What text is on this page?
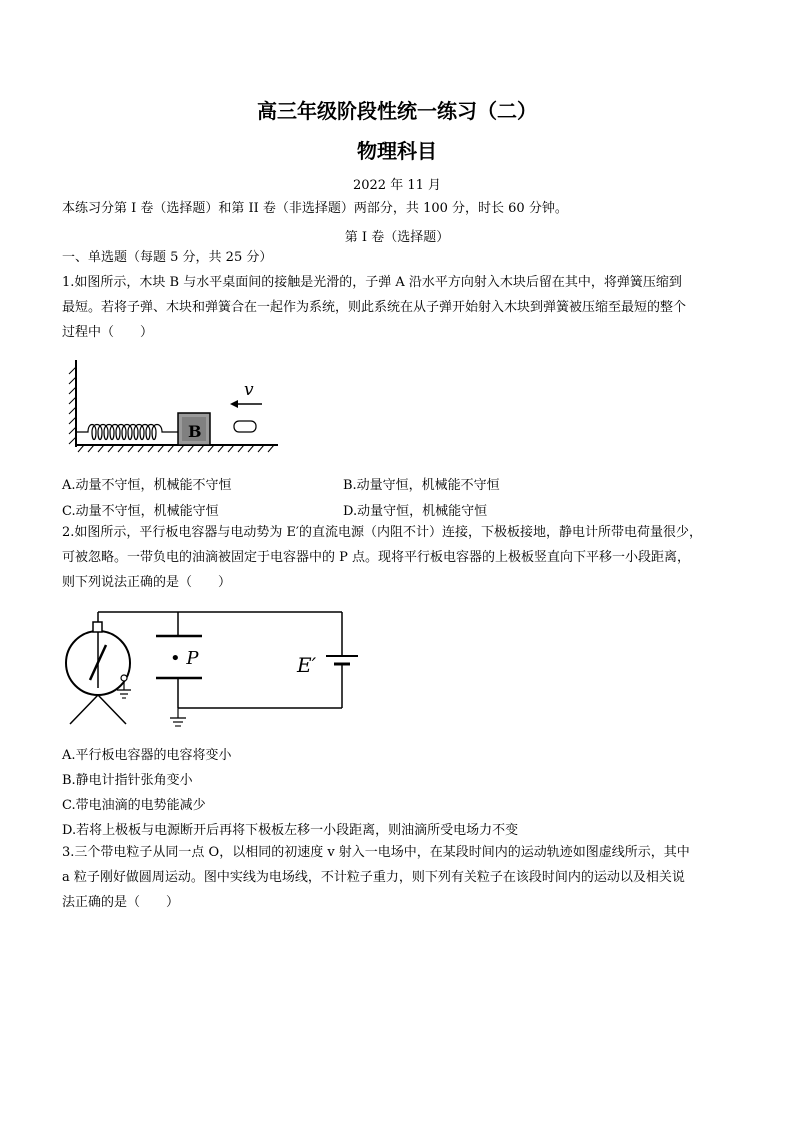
高三年级阶段性统一练习（二）
物理科目
2022 年 11 月
本练习分第 I 卷（选择题）和第 II 卷（非选择题）两部分，共 100 分，时长 60 分钟。
第 I 卷（选择题）
一、单选题（每题 5 分，共 25 分）
1.如图所示，木块 B 与水平桌面间的接触是光滑的，子弹 A 沿水平方向射入木块后留在其中，将弹簧压缩到
最短。若将子弹、木块和弹簧合在一起作为系统，则此系统在从子弹开始射入木块到弹簧被压缩至最短的整个
过程中（　　）
B
v
A.动量不守恒，机械能不守恒	B.动量守恒，机械能不守恒
C.动量不守恒，机械能守恒	D.动量守恒，机械能守恒
2.如图所示，平行板电容器与电动势为 E′的直流电源（内阻不计）连接，下极板接地，静电计所带电荷量很少，
可被忽略。一带负电的油滴被固定于电容器中的 P 点。现将平行板电容器的上极板竖直向下平移一小段距离，
则下列说法正确的是（　　）
• P	E′
A.平行板电容器的电容将变小
B.静电计指针张角变小
C.带电油滴的电势能减少
D.若将上极板与电源断开后再将下极板左移一小段距离，则油滴所受电场力不变
3.三个带电粒子从同一点 O，以相同的初速度 v 射入一电场中，在某段时间内的运动轨迹如图虚线所示，其中
a 粒子刚好做圆周运动。图中实线为电场线，不计粒子重力，则下列有关粒子在该段时间内的运动以及相关说
法正确的是（　　）
